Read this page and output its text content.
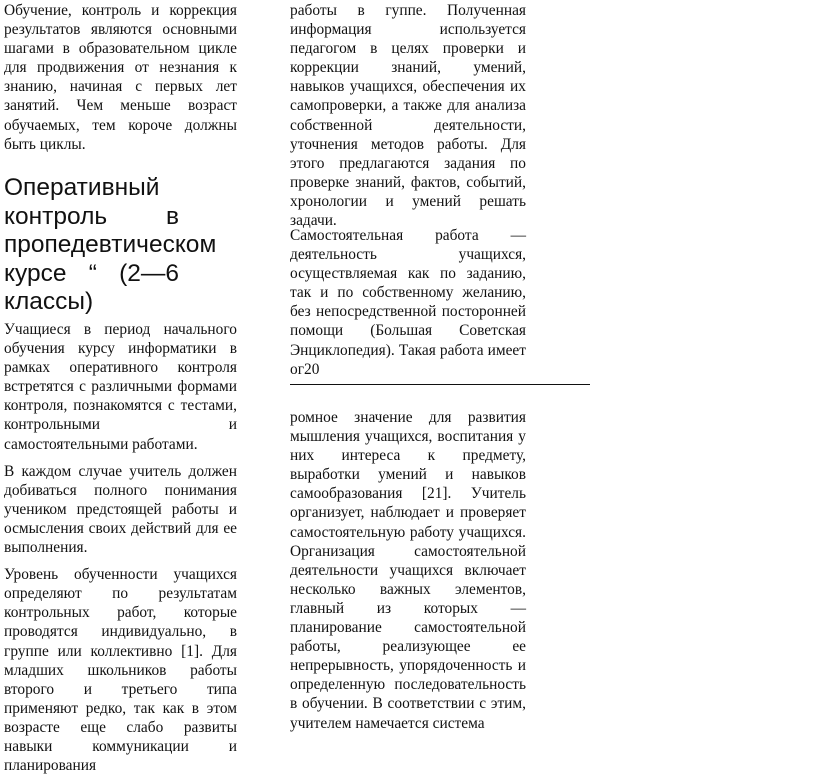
Обучение, контроль и коррекция результатов являются основными шагами в образовательном цикле для продвижения от незнания к знанию, начиная с первых лет занятий. Чем меньше возраст обучаемых, тем короче должны быть циклы.

Оперативный контроль в пропедевтическом курсе “ (2—6 классы)

Учащиеся в период начального обучения курсу информатики в рамках оперативного контроля встретятся с различными формами контроля, познакомятся с тестами, контрольными и самостоятельными работами.

В каждом случае учитель должен добиваться полного понимания учеником предстоящей работы и осмысления своих действий для ее выполнения.

Уровень обученности учащихся определяют по результатам контрольных работ, которые проводятся индивидуально, в группе или коллективно [1]. Для младших школьников работы второго и третьего типа применяют редко, так как в этом возрасте еще слабо развиты навыки коммуникации и планирования

работы в гуппе. Полученная информация используется педагогом в целях проверки и коррекции знаний, умений, навыков учащихся, обеспечения их самопроверки, а также для анализа собственной деятельности, уточнения методов работы. Для этого предлагаются задания по проверке знаний, фактов, событий, хронологии и умений решать задачи.

Самостоятельная работа — деятельность учащихся, осуществляемая как по заданию, так и по собственному желанию, без непосредственной посторонней помощи (Большая Советская Энциклопедия). Такая работа имеет ог20

ромное значение для развития мышления учащихся, воспитания у них интереса к предмету, выработки умений и навыков самообразования [21]. Учитель организует, наблюдает и проверяет самостоятельную работу учащихся. Организация самостоятельной деятельности учащихся включает несколько важных элементов, главный из которых — планирование самостоятельной работы, реализующее ее непрерывность, упорядоченность и определенную последовательность в обучении. В соответствии с этим, учителем намечается система
